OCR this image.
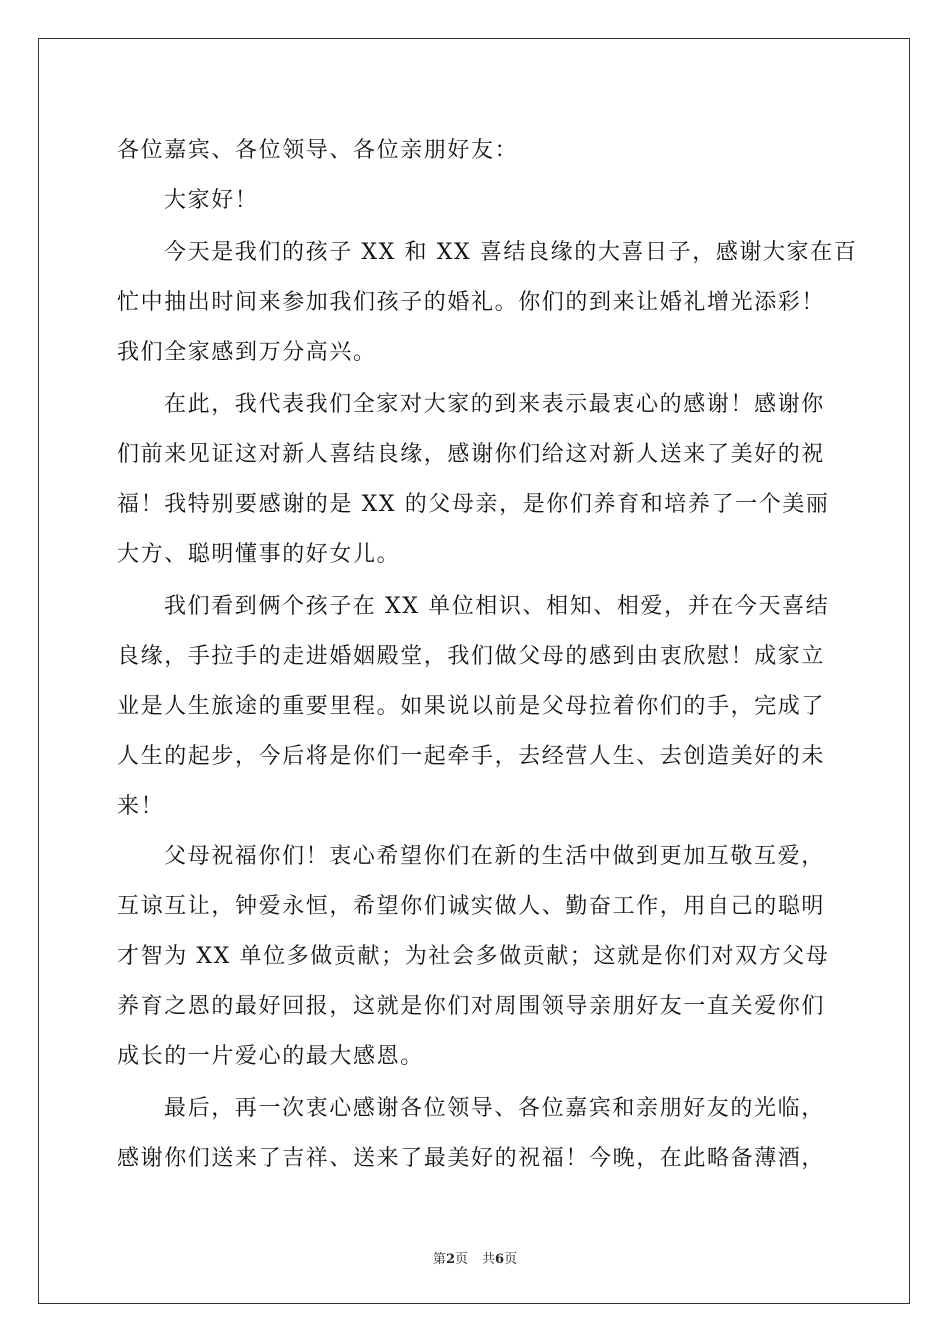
各位嘉宾、各位领导、各位亲朋好友：
大家好！
今天是我们的孩子 XX 和 XX 喜结良缘的大喜日子，感谢大家在百
忙中抽出时间来参加我们孩子的婚礼。你们的到来让婚礼增光添彩！
我们全家感到万分高兴。
在此，我代表我们全家对大家的到来表示最衷心的感谢！感谢你
们前来见证这对新人喜结良缘，感谢你们给这对新人送来了美好的祝
福！我特别要感谢的是 XX 的父母亲，是你们养育和培养了一个美丽
大方、聪明懂事的好女儿。
我们看到俩个孩子在 XX 单位相识、相知、相爱，并在今天喜结
良缘，手拉手的走进婚姻殿堂，我们做父母的感到由衷欣慰！成家立
业是人生旅途的重要里程。如果说以前是父母拉着你们的手，完成了
人生的起步，今后将是你们一起牵手，去经营人生、去创造美好的未
来！
父母祝福你们！衷心希望你们在新的生活中做到更加互敬互爱，
互谅互让，钟爱永恒，希望你们诚实做人、勤奋工作，用自己的聪明
才智为 XX 单位多做贡献；为社会多做贡献；这就是你们对双方父母
养育之恩的最好回报，这就是你们对周围领导亲朋好友一直关爱你们
成长的一片爱心的最大感恩。
最后，再一次衷心感谢各位领导、各位嘉宾和亲朋好友的光临，
感谢你们送来了吉祥、送来了最美好的祝福！今晚，在此略备薄酒，
第2页 共6页
